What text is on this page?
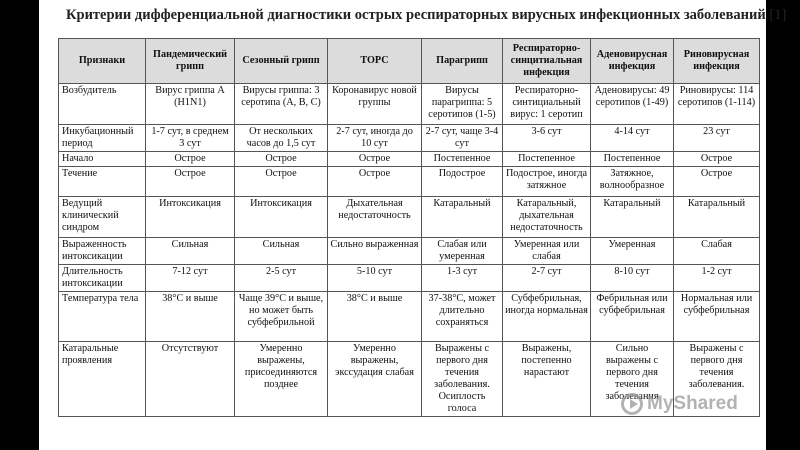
Критерии дифференциальной диагностики острых респираторных вирусных инфекционных заболеваний [1]
Признаки	Пандемический грипп	Сезонный грипп	ТОРС	Парагрипп	Респираторно-синцитиальная инфекция	Аденовирусная инфекция	Риновирусная инфекция
Возбудитель	Вирус гриппа A (H1N1)	Вирусы гриппа: 3 серотипа (A, B, C)	Коронавирус новой группы	Вирусы парагриппа: 5 серотипов (1-5)	Респираторно-синтициальный вирус: 1 серотип	Аденовирусы: 49 серотипов (1-49)	Риновирусы: 114 серотипов (1-114)
Инкубационный период	1-7 сут, в среднем 3 сут	От нескольких часов до 1,5 сут	2-7 сут, иногда до 10 сут	2-7 сут, чаще 3-4 сут	3-6 сут	4-14 сут	23 сут
Начало	Острое	Острое	Острое	Постепенное	Постепенное	Постепенное	Острое
Течение	Острое	Острое	Острое	Подострое	Подострое, иногда затяжное	Затяжное, волнообразное	Острое
Ведущий клинический синдром	Интоксикация	Интоксикация	Дыхательная недостаточность	Катаральный	Катаральный, дыхательная недостаточность	Катаральный	Катаральный
Выраженность интоксикации	Сильная	Сильная	Сильно выраженная	Слабая или умеренная	Умеренная или слабая	Умеренная	Слабая
Длительность интоксикации	7-12 сут	2-5 сут	5-10 сут	1-3 сут	2-7 сут	8-10 сут	1-2 сут
Температура тела	38°С и выше	Чаще 39°С и выше, но может быть субфебрильной	38°С и выше	37-38°С, может длительно сохраняться	Субфебрильная, иногда нормальная	Фебрильная или субфебрильная	Нормальная или субфебрильная
Катаральные проявления	Отсутствуют	Умеренно выражены, присоединяются позднее	Умеренно выражены, экссудация слабая	Выражены с первого дня течения заболевания. Осиплость голоса	Выражены, постепенно нарастают	Сильно выражены с первого дня течения заболевания	Выражены с первого дня течения заболевания.
MyShared
